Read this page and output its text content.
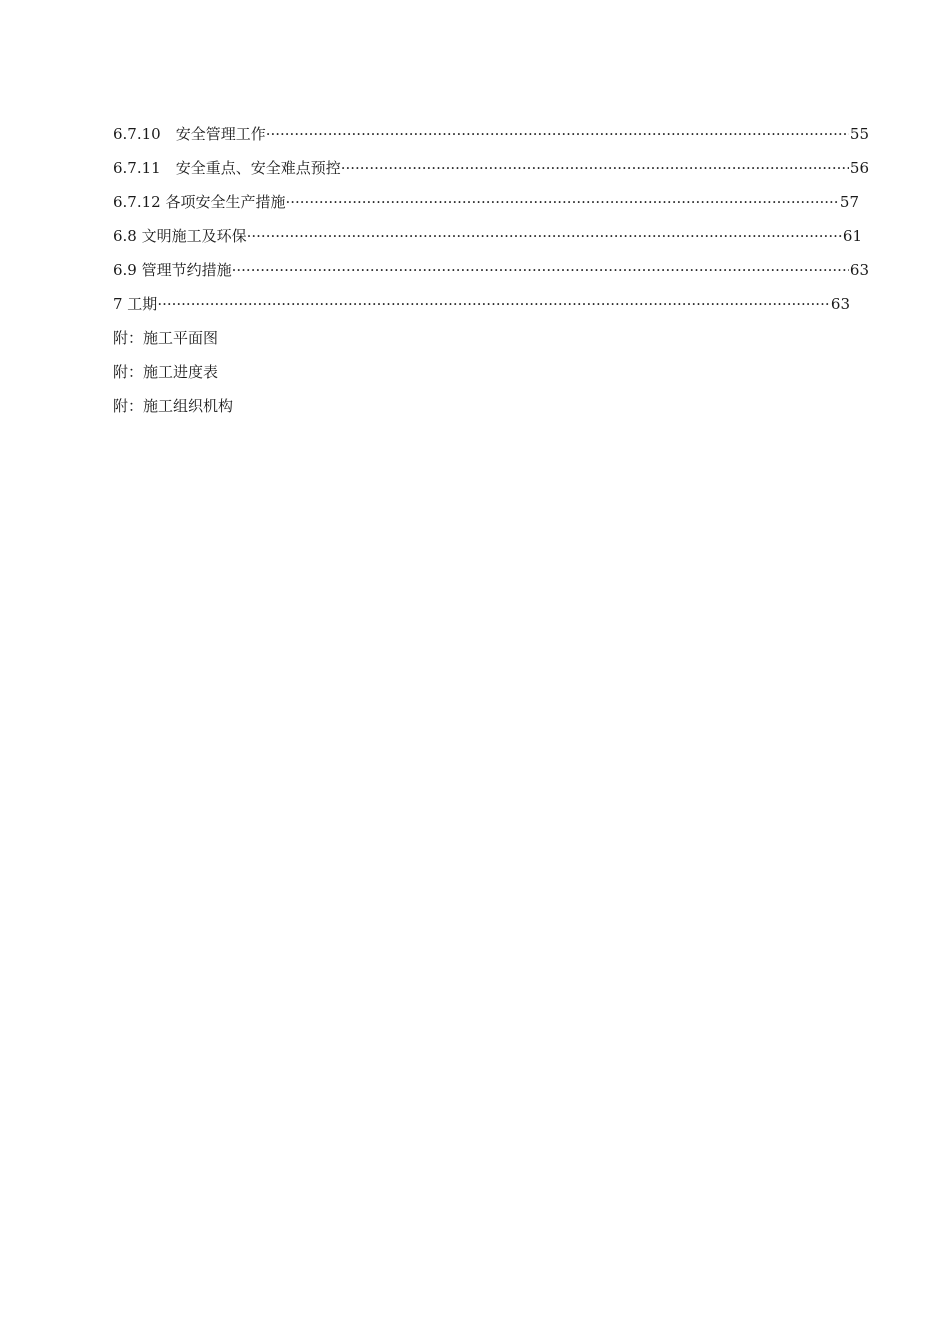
6.7.10　安全管理工作 ·····	55
6.7.11　安全重点、安全难点预控 ·····	56
6.7.12 各项安全生产措施 ·····	57
6.8 文明施工及环保 ·····	61
6.9 管理节约措施 ·····	63
7 工期 ·····	63
附：施工平面图
附：施工进度表
附：施工组织机构
